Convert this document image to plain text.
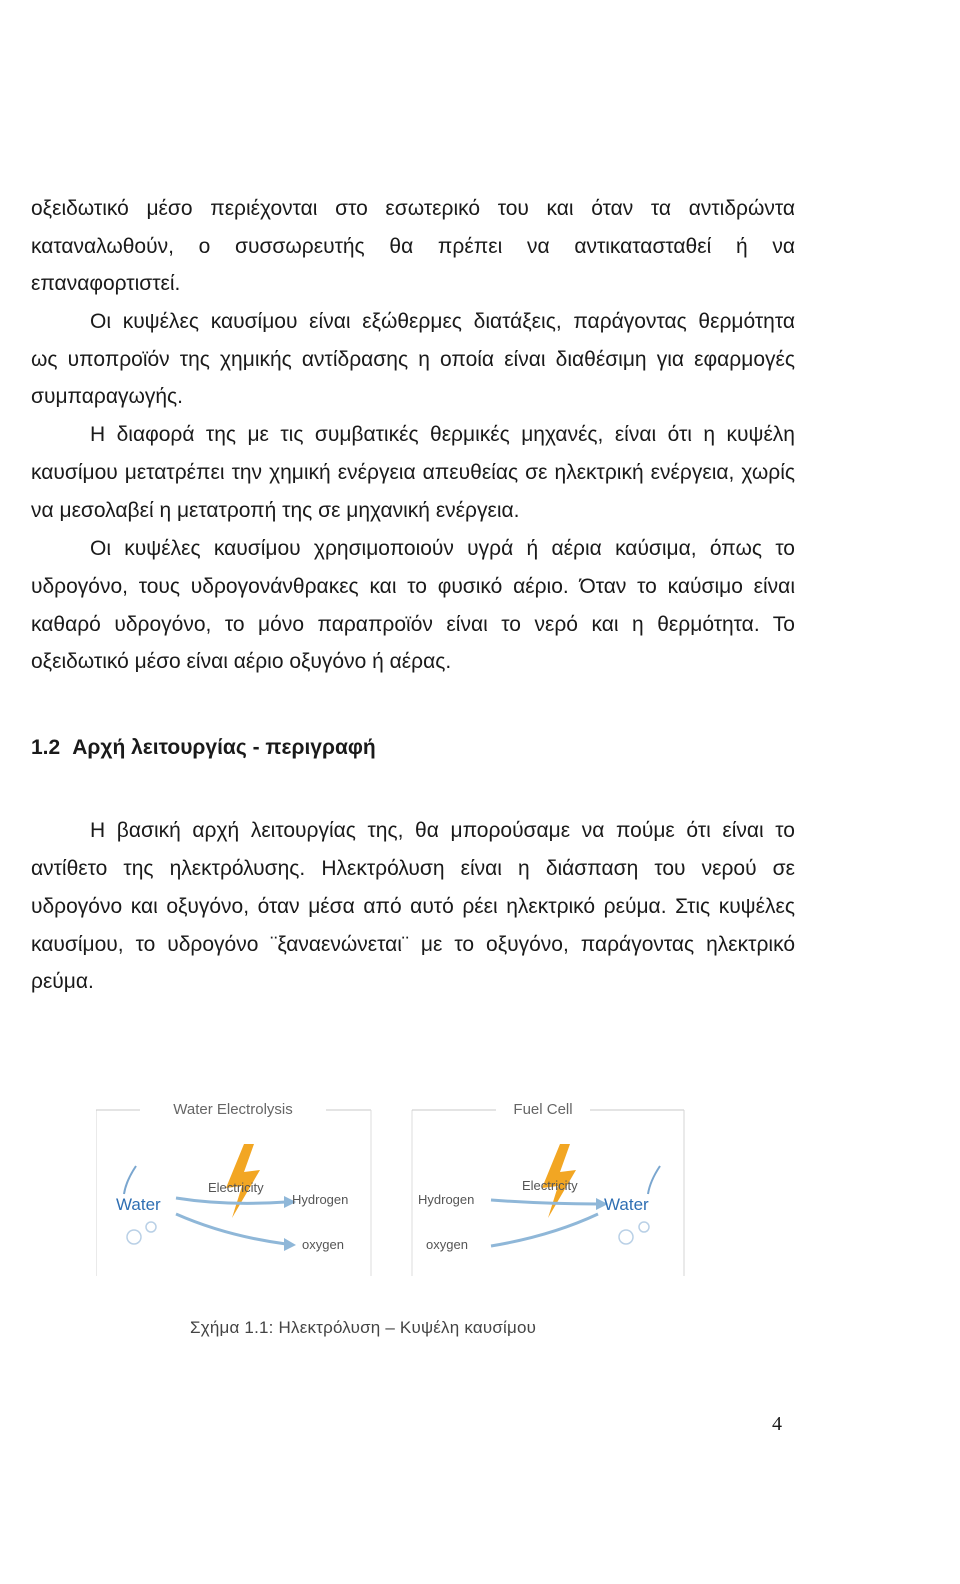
οξειδωτικό μέσο περιέχονται στο εσωτερικό του και όταν τα αντιδρώντα
καταναλωθούν, ο συσσωρευτής θα πρέπει να αντικατασταθεί ή να
επαναφορτιστεί.
Οι κυψέλες καυσίμου είναι εξώθερμες διατάξεις, παράγοντας θερμότητα
ως υποπροϊόν της χημικής αντίδρασης η οποία είναι διαθέσιμη για εφαρμογές
συμπαραγωγής.
Η διαφορά της με τις συμβατικές θερμικές μηχανές, είναι ότι η κυψέλη
καυσίμου μετατρέπει την χημική ενέργεια απευθείας σε ηλεκτρική ενέργεια, χωρίς
να μεσολαβεί η μετατροπή της σε μηχανική ενέργεια.
Οι κυψέλες καυσίμου χρησιμοποιούν υγρά ή αέρια καύσιμα, όπως το
υδρογόνο, τους υδρογονάνθρακες και το φυσικό αέριο. Όταν το καύσιμο είναι
καθαρό υδρογόνο, το μόνο παραπροϊόν είναι το νερό και η θερμότητα. Το
οξειδωτικό μέσο είναι αέριο οξυγόνο ή αέρας.
1.2 Αρχή λειτουργίας - περιγραφή
Η βασική αρχή λειτουργίας της, θα μπορούσαμε να πούμε ότι είναι το
αντίθετο της ηλεκτρόλυσης. Ηλεκτρόλυση είναι η διάσπαση του νερού σε
υδρογόνο και οξυγόνο, όταν μέσα από αυτό ρέει ηλεκτρικό ρεύμα. Στις κυψέλες
καυσίμου, το υδρογόνο ¨ξαναενώνεται¨ με το οξυγόνο, παράγοντας ηλεκτρικό
ρεύμα.
Water Electrolysis
Water
Electricity
Hydrogen
oxygen
Fuel Cell
Electricity
Hydrogen
oxygen
Water
Σχήμα 1.1: Ηλεκτρόλυση – Κυψέλη καυσίμου
4
